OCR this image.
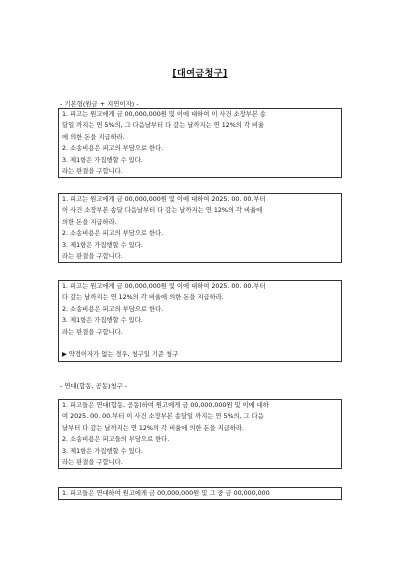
[대여금청구]
- 기본형(원금 + 지연이자) -
1. 피고는 원고에게 금 00,000,000원 및 이에 대하여 이 사건 소장부본 송
달일 까지는 연 5%의, 그 다음날부터 다 갚는 날까지는 연 12%의 각 비율
에 의한 돈을 지급하라.
2. 소송비용은 피고의 부담으로 한다.
3. 제1항은 가집행할 수 있다.
라는 판결을 구합니다.
1. 피고는 원고에게 금 00,000,000원 및 이에 대하여 2025. 00. 00.부터
이 사건 소장부본 송달 다음날부터 다 갚는 날까지는 연 12%의 각 비율에
의한 돈을 지급하라.
2. 소송비용은 피고의 부담으로 한다.
3. 제1항은 가집행할 수 있다.
라는 판결을 구합니다.
1. 피고는 원고에게 금 00,000,000원 및 이에 대하여 2025. 00. 00.부터
다 갚는 날까지는 연 12%의 각 비율에 의한 돈을 지급하라.
2. 소송비용은 피고의 부담으로 한다.
3. 제1항은 가집행할 수 있다.
라는 판결을 구합니다.
▶ 약정이자가 없는 경우, 청구일 기준 청구
- 연대(합동, 공동)청구 -
1. 피고들은 연대(합동, 공동)하여 원고에게 금 00,000,000원 및 이에 대하
여 2025. 00. 00.부터 이 사건 소장부본 송달일 까지는 연 5%의, 그 다음
날부터 다 갚는 날까지는 연 12%의 각 비율에 의한 돈을 지급하라.
2. 소송비용은 피고들의 부담으로 한다.
3. 제1항은 가집행할 수 있다.
라는 판결을 구합니다.
1. 피고들은 연대하여 원고에게 금 00,000,000원 및 그 중 금 00,000,000
